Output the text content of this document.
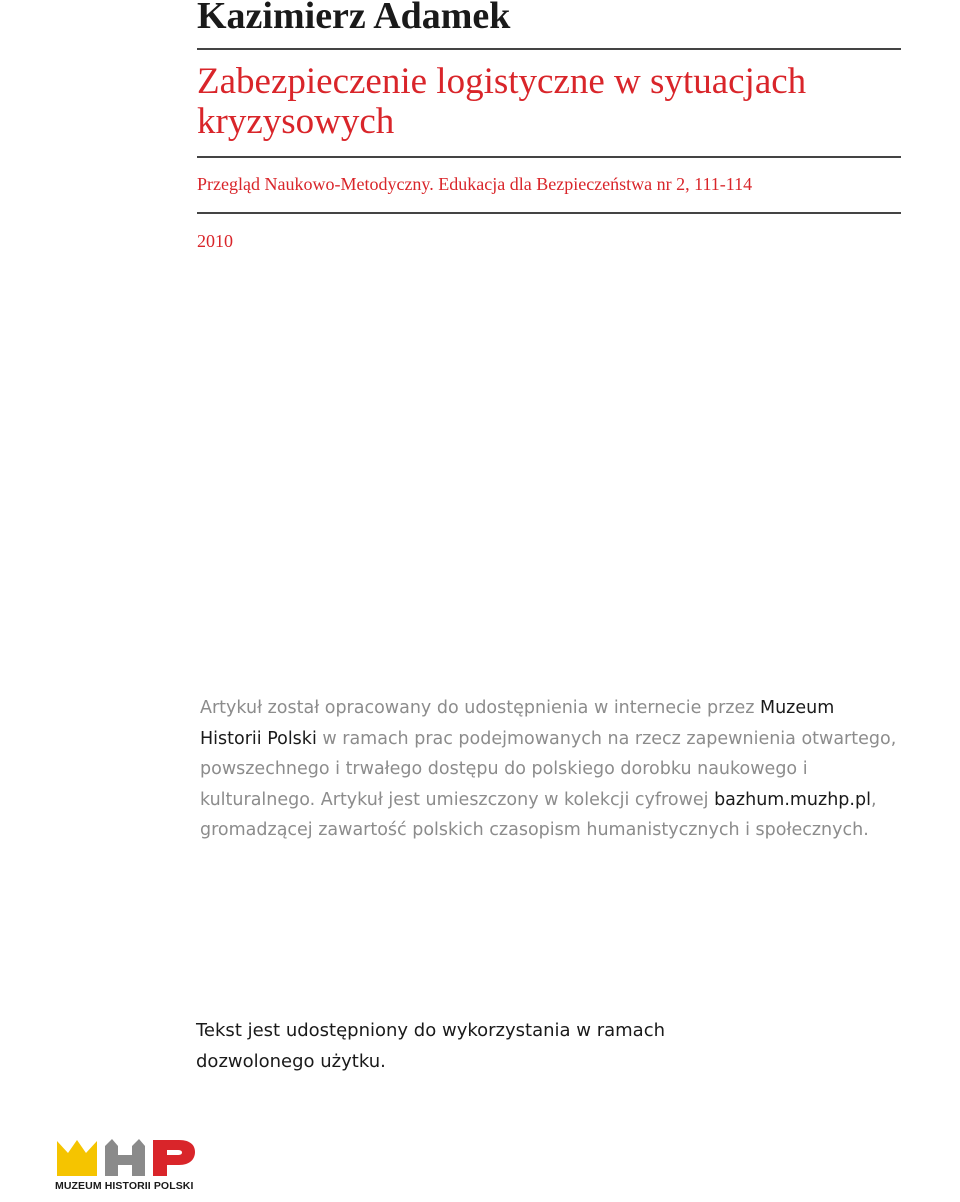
Kazimierz Adamek
Zabezpieczenie logistyczne w sytuacjach kryzysowych
Przegląd Naukowo-Metodyczny. Edukacja dla Bezpieczeństwa nr 2, 111-114
2010

Artykuł został opracowany do udostępnienia w internecie przez Muzeum Historii Polski w ramach prac podejmowanych na rzecz zapewnienia otwartego, powszechnego i trwałego dostępu do polskiego dorobku naukowego i kulturalnego. Artykuł jest umieszczony w kolekcji cyfrowej bazhum.muzhp.pl, gromadzącej zawartość polskich czasopism humanistycznych i społecznych.

Tekst jest udostępniony do wykorzystania w ramach dozwolonego użytku.

MUZEUM HISTORII POLSKI
